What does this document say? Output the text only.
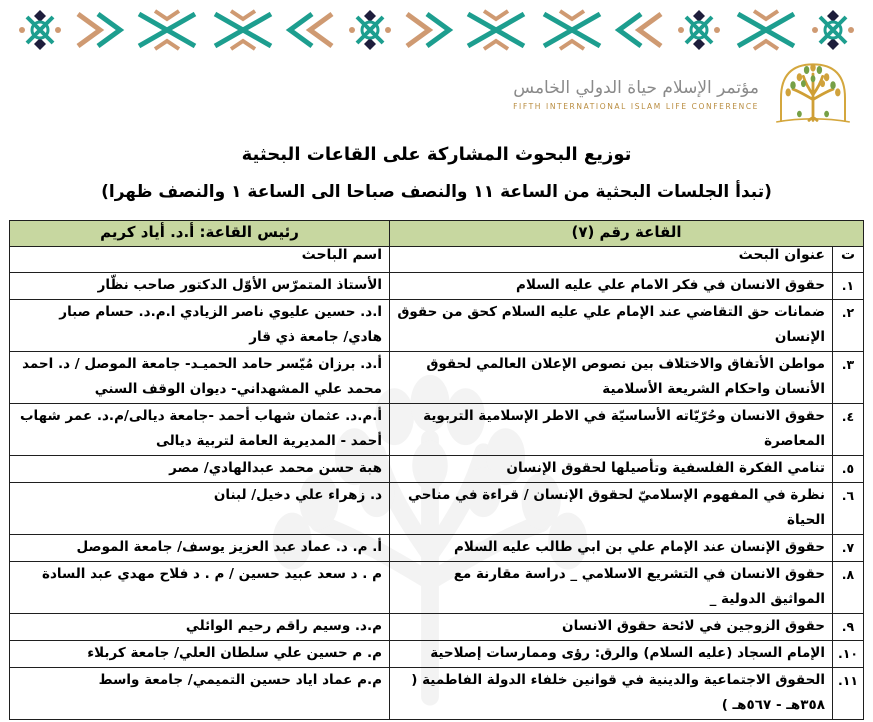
مؤتمر الإسلام حياة الدولي الخامس
FIFTH INTERNATIONAL ISLAM LIFE CONFERENCE
توزيع البحوث المشاركة على القاعات البحثية
(تبدأ الجلسات البحثية من الساعة ١١ والنصف صباحا الى الساعة ١ والنصف ظهرا)
القاعة رقم (٧)		رئيس القاعة: أ.د. أياد كريم
ت	عنوان البحث	اسم الباحث
١.	حقوق الانسان في فكر الامام علي عليه السلام	الأستاذ المتمرّس الأوّل الدكتور صاحب نظّار
٢.	ضمانات حق التقاضي عند الإمام علي عليه السلام كحق من حقوق الإنسان	ا.د. حسين عليوي ناصر الزيادي ا.م.د. حسام صبار هادي/ جامعة ذي قار
٣.	مواطن الأتفاق والاختلاف بين نصوص الإعلان العالمي لحقوق الأنسان واحكام الشريعة الأسلامية	أ.د. برزان مُيّسر حامد الحميـد- جامعة الموصل / د. احمد محمد علي المشهداني- ديوان الوقف السني
٤.	حقوق الانسان وحُرّيّاته الأساسيّة في الاطر الإسلامية التربوية المعاصرة	أ.م.د. عثمان شهاب أحمد -جامعة ديالى/م.د. عمر شهاب أحمد - المديرية العامة لتربية ديالى
٥.	تنامي الفكرة الفلسفية وتأصيلها لحقوق الإنسان	هبة حسن محمد عبدالهادي/ مصر
٦.	نظرة في المفهوم الإسلاميّ لحقوق الإنسان / قراءة في مناحي الحياة	د. زهراء علي دخيل/ لبنان
٧.	حقوق الإنسان عند الإمام علي بن ابي طالب عليه السلام	أ. م. د. عماد عبد العزيز يوسف/ جامعة الموصل
٨.	حقوق الانسان في التشريع الاسلامي _ دراسة مقارنة مع المواثيق الدولية _	م . د سعد عبيد حسين / م . د فلاح مهدي عبد السادة
٩.	حقوق الزوجين في لائحة حقوق الانسان	م.د. وسيم راقم رحيم الوائلي
١٠.	الإمام السجاد (عليه السلام) والرق: رؤى وممارسات إصلاحية	م. م حسين علي سلطان العلي/ جامعة كربلاء
١١.	الحقوق الاجتماعية والدينية في قوانين خلفاء الدولة الفاطمية ( ٣٥٨هـ - ٥٦٧هـ )	م.م عماد اياد حسين التميمي/ جامعة واسط
